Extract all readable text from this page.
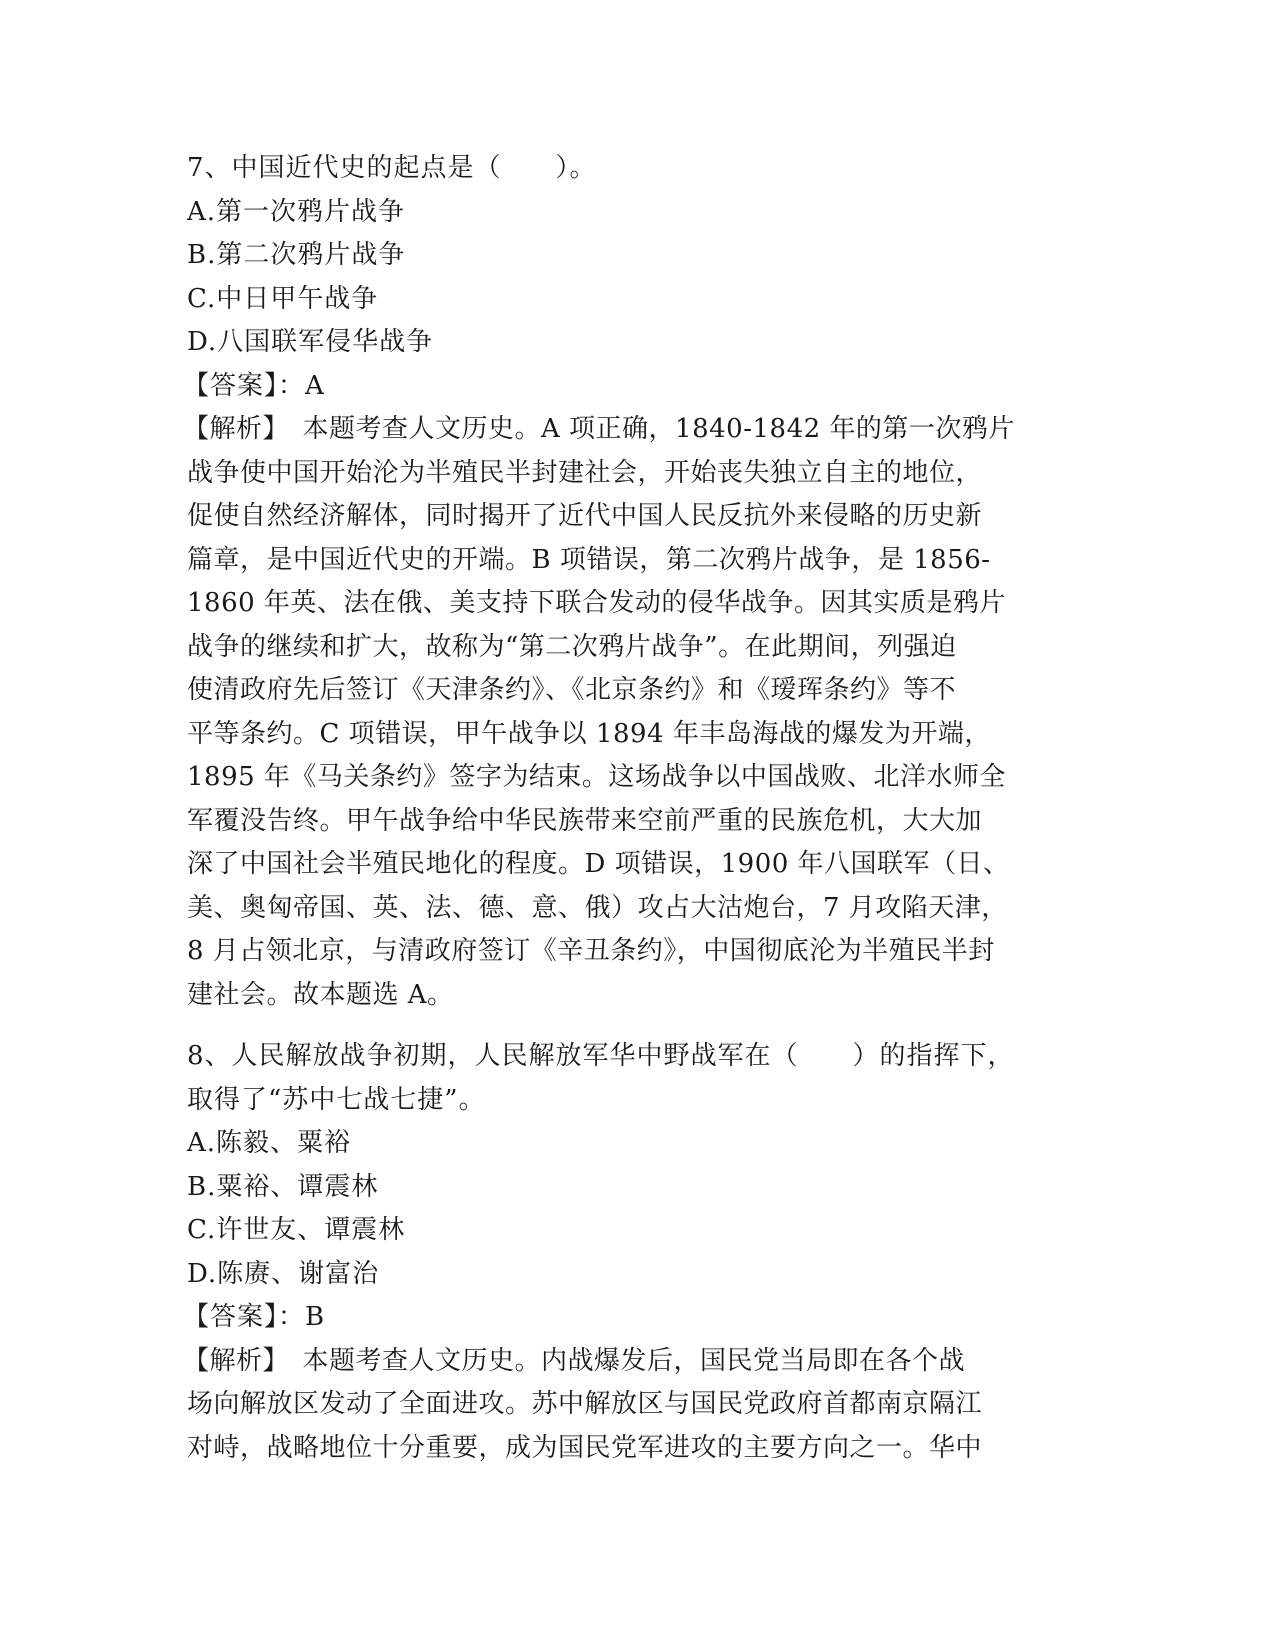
7、中国近代史的起点是（　　）。
A.第一次鸦片战争
B.第二次鸦片战争
C.中日甲午战争
D.八国联军侵华战争
【答案】：A
【解析】　本题考查人文历史。A 项正确，1840-1842 年的第一次鸦片
战争使中国开始沦为半殖民半封建社会，开始丧失独立自主的地位，
促使自然经济解体，同时揭开了近代中国人民反抗外来侵略的历史新
篇章，是中国近代史的开端。B 项错误，第二次鸦片战争，是 1856-
1860 年英、法在俄、美支持下联合发动的侵华战争。因其实质是鸦片
战争的继续和扩大，故称为“第二次鸦片战争”。在此期间，列强迫
使清政府先后签订《天津条约》、《北京条约》和《瑷珲条约》等不
平等条约。C 项错误，甲午战争以 1894 年丰岛海战的爆发为开端，
1895 年《马关条约》签字为结束。这场战争以中国战败、北洋水师全
军覆没告终。甲午战争给中华民族带来空前严重的民族危机，大大加
深了中国社会半殖民地化的程度。D 项错误，1900 年八国联军（日、
美、奥匈帝国、英、法、德、意、俄）攻占大沽炮台，7 月攻陷天津，
8 月占领北京，与清政府签订《辛丑条约》，中国彻底沦为半殖民半封
建社会。故本题选 A。
8、人民解放战争初期，人民解放军华中野战军在（　　）的指挥下，
取得了“苏中七战七捷”。
A.陈毅、粟裕
B.粟裕、谭震林
C.许世友、谭震林
D.陈赓、谢富治
【答案】：B
【解析】　本题考查人文历史。内战爆发后，国民党当局即在各个战
场向解放区发动了全面进攻。苏中解放区与国民党政府首都南京隔江
对峙，战略地位十分重要，成为国民党军进攻的主要方向之一。华中
